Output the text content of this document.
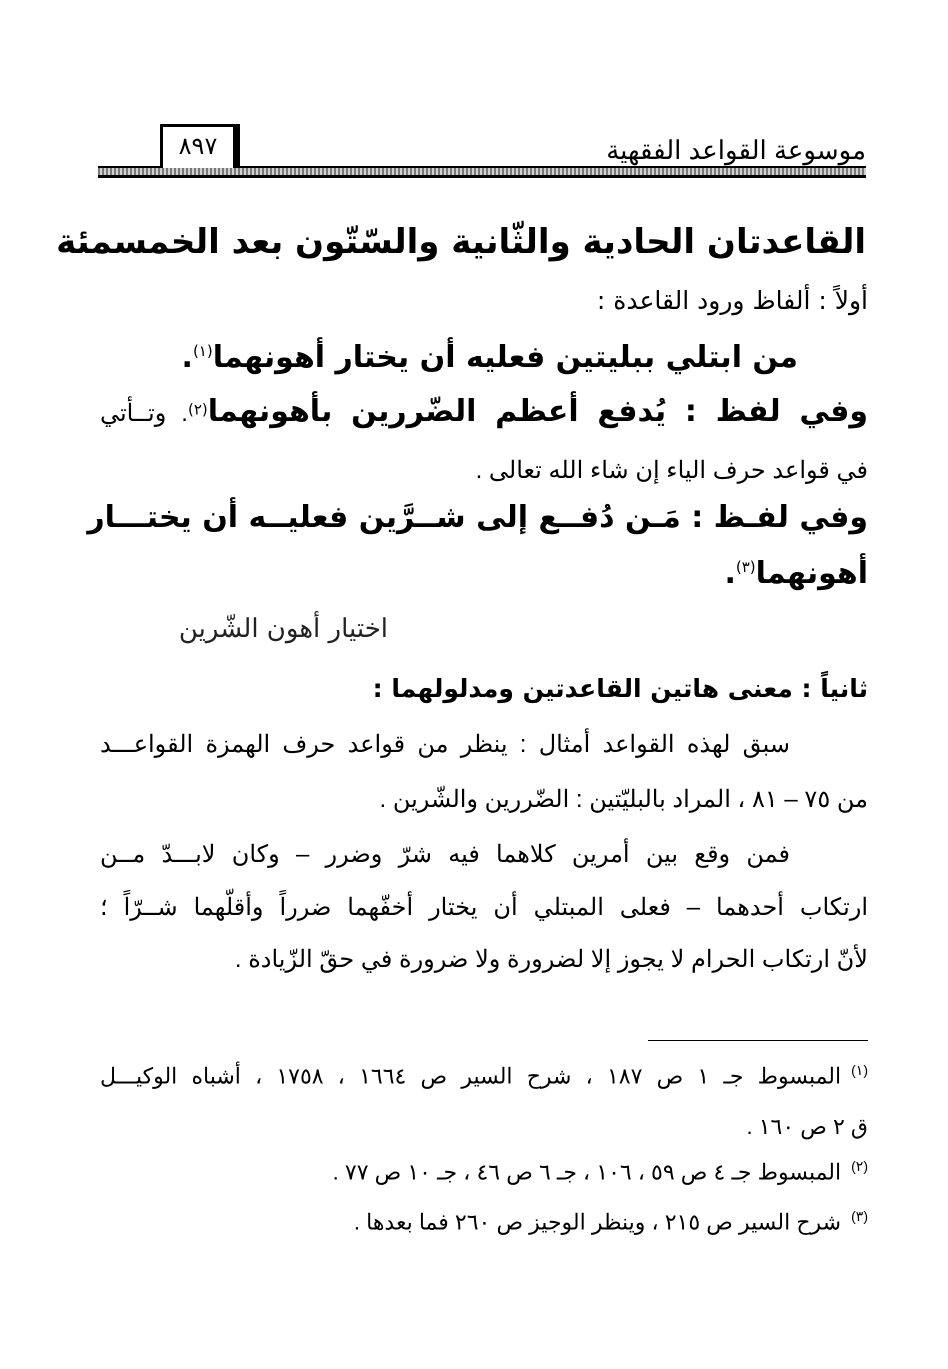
موسوعة القواعد الفقهية
٨٩٧
القاعدتان الحادية والثّانية والسّتّون بعد الخمسمئة
أولاً : ألفاظ ورود القاعدة :
من ابتلي ببليتين فعليه أن يختار أهونهما$^{(١)}$.
وفي لفظ : يُدفع أعظم الضّررين بأهونهما(٢). وتــأتي
في قواعد حرف الياء إن شاء الله تعالى .
وفي لفـظ : مَـن دُفــع إلى شــرَّين فعليــه أن يختـــار
أهونهما$^{(٣)}$.
اختيار أهون الشّرين
ثانياً : معنى هاتين القاعدتين ومدلولهما :
سبق لهذه القواعد أمثال : ينظر من قواعد حرف الهمزة القواعـــد
من ٧٥ – ٨١ ، المراد بالبليّتين : الضّررين والشّرين .
فمن وقع بين أمرين كلاهما فيه شرّ وضرر – وكان لابـــدّ مــن
ارتكاب أحدهما – فعلى المبتلي أن يختار أخفّهما ضرراً وأقلّهما شــرّاً ؛
لأنّ ارتكاب الحرام لا يجوز إلا لضرورة ولا ضرورة في حقّ الزّيادة .
$^{(١)}$المبسوط جـ ١ ص ١٨٧ ، شرح السير ص ١٦٦٤ ، ١٧٥٨ ، أشباه الوكيـــل
ق ٢ ص ١٦٠ .
$^{(٢)}$المبسوط جـ ٤ ص ٥٩ ، ١٠٦ ، جـ ٦ ص ٤٦ ، جـ ١٠ ص ٧٧ .
$^{(٣)}$شرح السير ص ٢١٥ ، وينظر الوجيز ص ٢٦٠ فما بعدها .
